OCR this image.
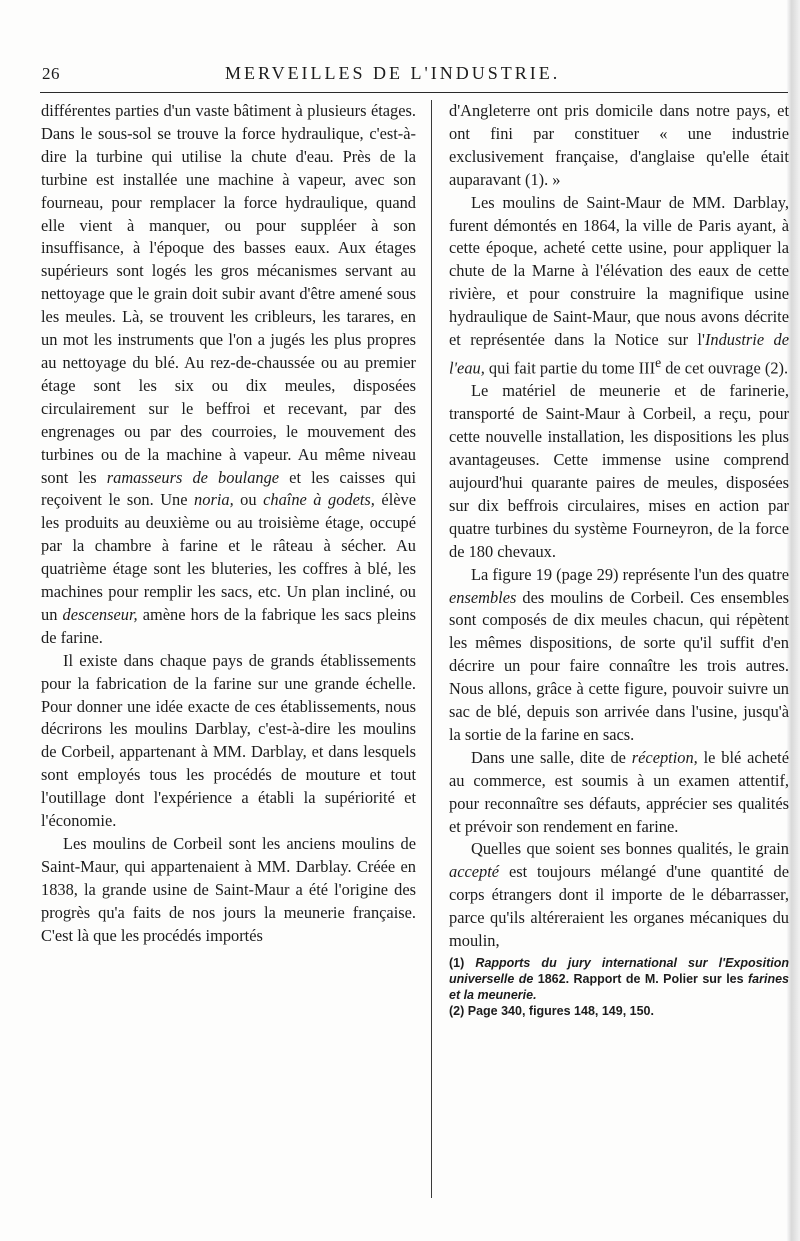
26	MERVEILLES DE L'INDUSTRIE.

différentes parties d'un vaste bâtiment à plusieurs étages. Dans le sous-sol se trouve la force hydraulique, c'est-à-dire la turbine qui utilise la chute d'eau. Près de la turbine est installée une machine à vapeur, avec son fourneau, pour remplacer la force hydraulique, quand elle vient à manquer, ou pour suppléer à son insuffisance, à l'époque des basses eaux. Aux étages supérieurs sont logés les gros mécanismes servant au nettoyage que le grain doit subir avant d'être amené sous les meules. Là, se trouvent les cribleurs, les tarares, en un mot les instruments que l'on a jugés les plus propres au nettoyage du blé. Au rez-de-chaussée ou au premier étage sont les six ou dix meules, disposées circulairement sur le beffroi et recevant, par des engrenages ou par des courroies, le mouvement des turbines ou de la machine à vapeur. Au même niveau sont les ramasseurs de boulange et les caisses qui reçoivent le son. Une noria, ou chaîne à godets, élève les produits au deuxième ou au troisième étage, occupé par la chambre à farine et le râteau à sécher. Au quatrième étage sont les bluteries, les coffres à blé, les machines pour remplir les sacs, etc. Un plan incliné, ou un descenseur, amène hors de la fabrique les sacs pleins de farine.

Il existe dans chaque pays de grands établissements pour la fabrication de la farine sur une grande échelle. Pour donner une idée exacte de ces établissements, nous décrirons les moulins Darblay, c'est-à-dire les moulins de Corbeil, appartenant à MM. Darblay, et dans lesquels sont employés tous les procédés de mouture et tout l'outillage dont l'expérience a établi la supériorité et l'économie.

Les moulins de Corbeil sont les anciens moulins de Saint-Maur, qui appartenaient à MM. Darblay. Créée en 1838, la grande usine de Saint-Maur a été l'origine des progrès qu'a faits de nos jours la meunerie française. C'est là que les procédés importés

d'Angleterre ont pris domicile dans notre pays, et ont fini par constituer « une industrie exclusivement française, d'anglaise qu'elle était auparavant (1). »

Les moulins de Saint-Maur de MM. Darblay, furent démontés en 1864, la ville de Paris ayant, à cette époque, acheté cette usine, pour appliquer la chute de la Marne à l'élévation des eaux de cette rivière, et pour construire la magnifique usine hydraulique de Saint-Maur, que nous avons décrite et représentée dans la Notice sur l'Industrie de l'eau, qui fait partie du tome IIIe de cet ouvrage (2).

Le matériel de meunerie et de farinerie, transporté de Saint-Maur à Corbeil, a reçu, pour cette nouvelle installation, les dispositions les plus avantageuses. Cette immense usine comprend aujourd'hui quarante paires de meules, disposées sur dix beffrois circulaires, mises en action par quatre turbines du système Fourneyron, de la force de 180 chevaux.

La figure 19 (page 29) représente l'un des quatre ensembles des moulins de Corbeil. Ces ensembles sont composés de dix meules chacun, qui répètent les mêmes dispositions, de sorte qu'il suffit d'en décrire un pour faire connaître les trois autres. Nous allons, grâce à cette figure, pouvoir suivre un sac de blé, depuis son arrivée dans l'usine, jusqu'à la sortie de la farine en sacs.

Dans une salle, dite de réception, le blé acheté au commerce, est soumis à un examen attentif, pour reconnaître ses défauts, apprécier ses qualités et prévoir son rendement en farine.

Quelles que soient ses bonnes qualités, le grain accepté est toujours mélangé d'une quantité de corps étrangers dont il importe de le débarrasser, parce qu'ils altéreraient les organes mécaniques du moulin,

(1) Rapports du jury international sur l'Exposition universelle de 1862. Rapport de M. Polier sur les farines et la meunerie.

(2) Page 340, figures 148, 149, 150.
